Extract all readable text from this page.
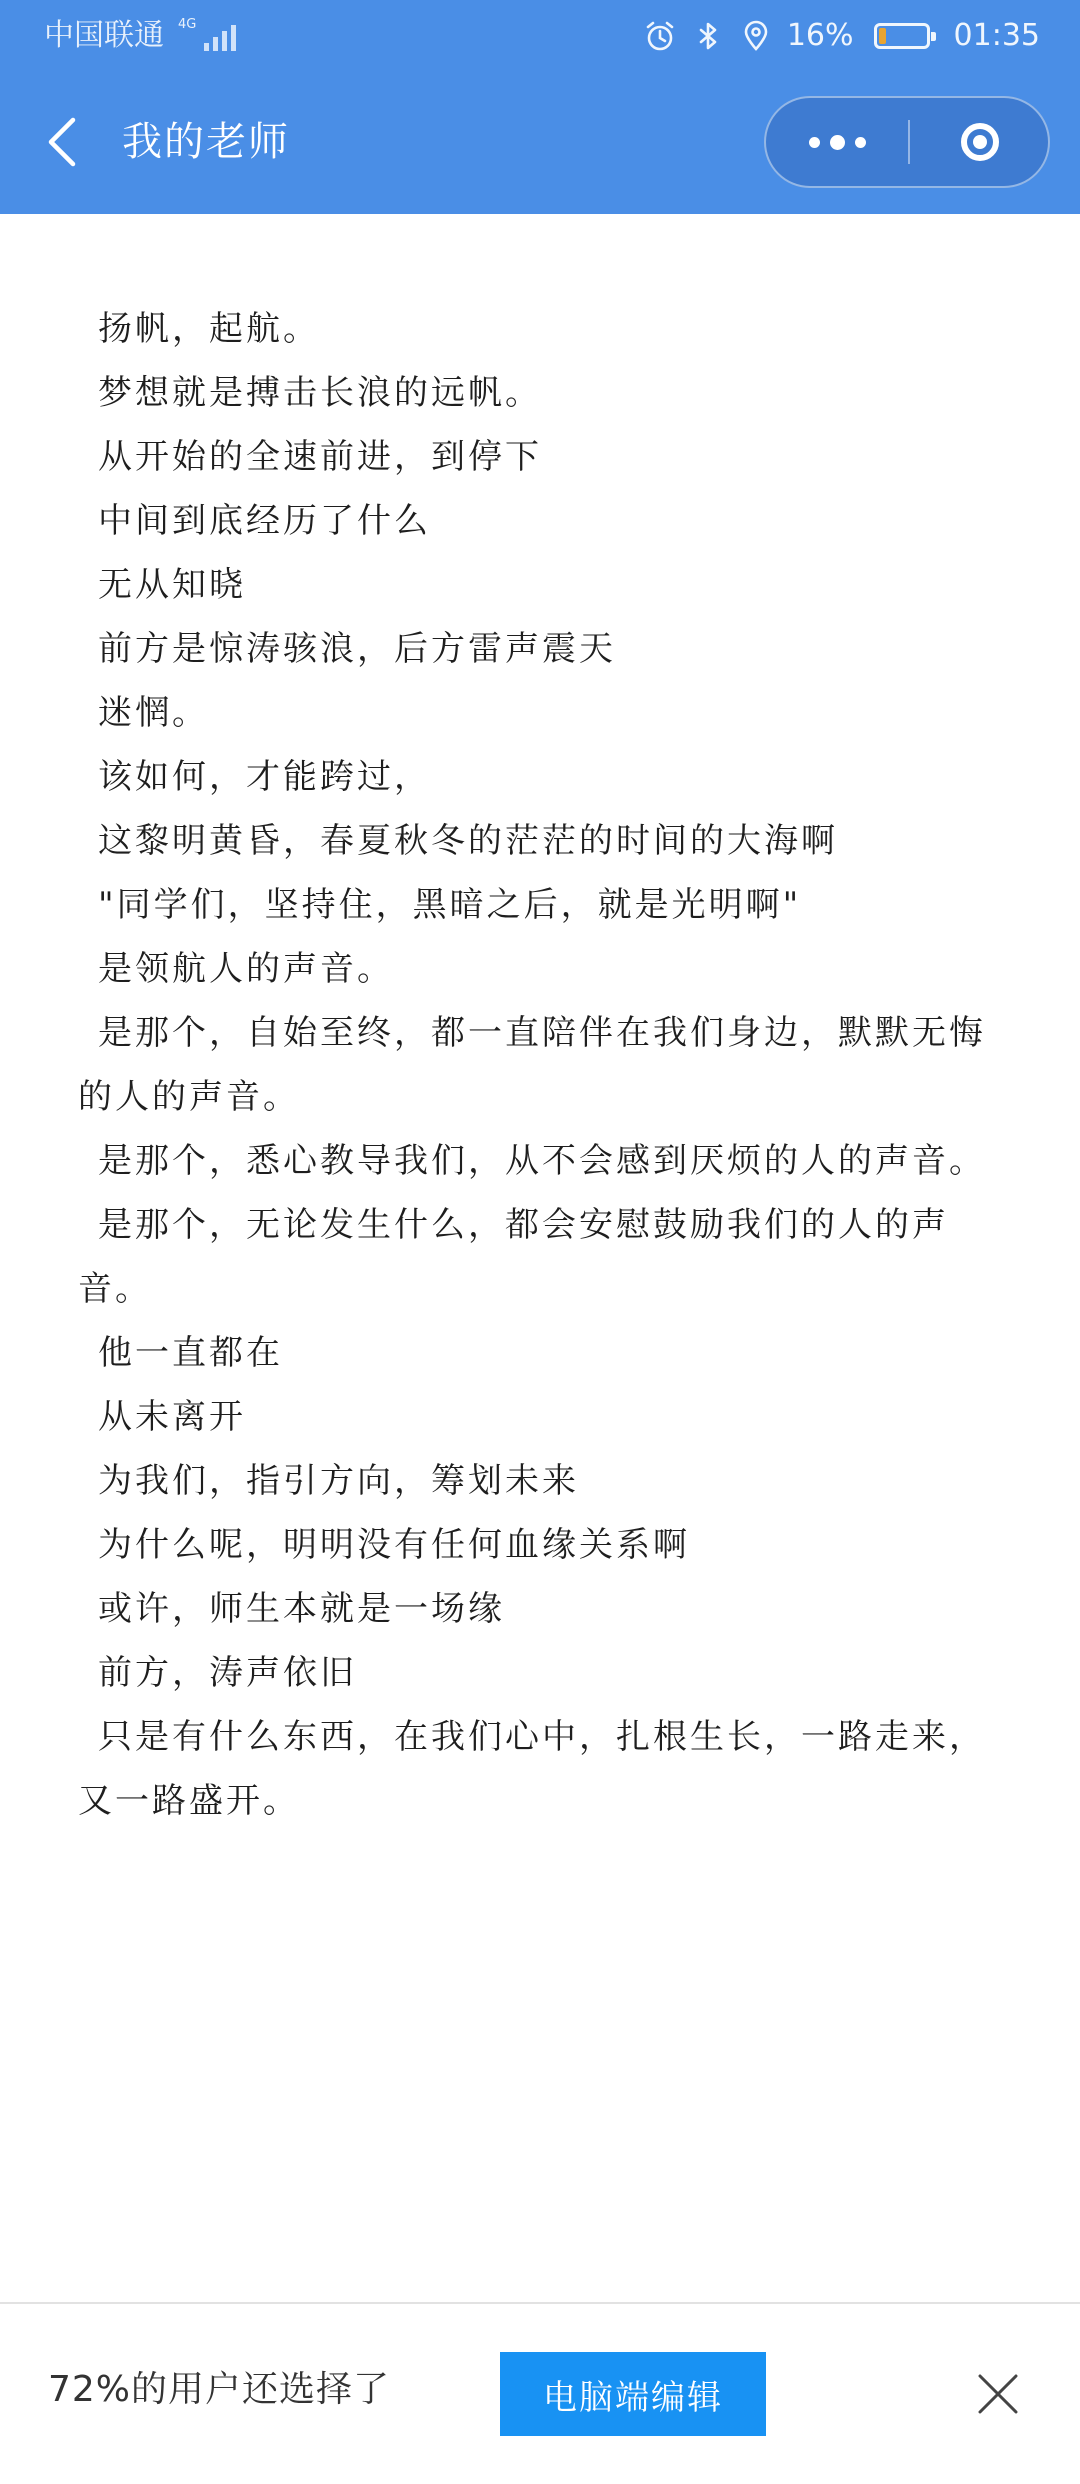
中国联通 4G	16%	01:35
我的老师

扬帆，起航。

梦想就是搏击长浪的远帆。

从开始的全速前进，到停下

中间到底经历了什么

无从知晓

前方是惊涛骇浪，后方雷声震天

迷惘。

该如何，才能跨过，

这黎明黄昏，春夏秋冬的茫茫的时间的大海啊

"同学们，坚持住，黑暗之后，就是光明啊"

是领航人的声音。

是那个，自始至终，都一直陪伴在我们身边，默默无悔的人的声音。

是那个，悉心教导我们，从不会感到厌烦的人的声音。

是那个，无论发生什么，都会安慰鼓励我们的人的声音。

他一直都在

从未离开

为我们，指引方向，筹划未来

为什么呢，明明没有任何血缘关系啊

或许，师生本就是一场缘

前方，涛声依旧

只是有什么东西，在我们心中，扎根生长，一路走来，又一路盛开。

72%的用户还选择了	电脑端编辑
